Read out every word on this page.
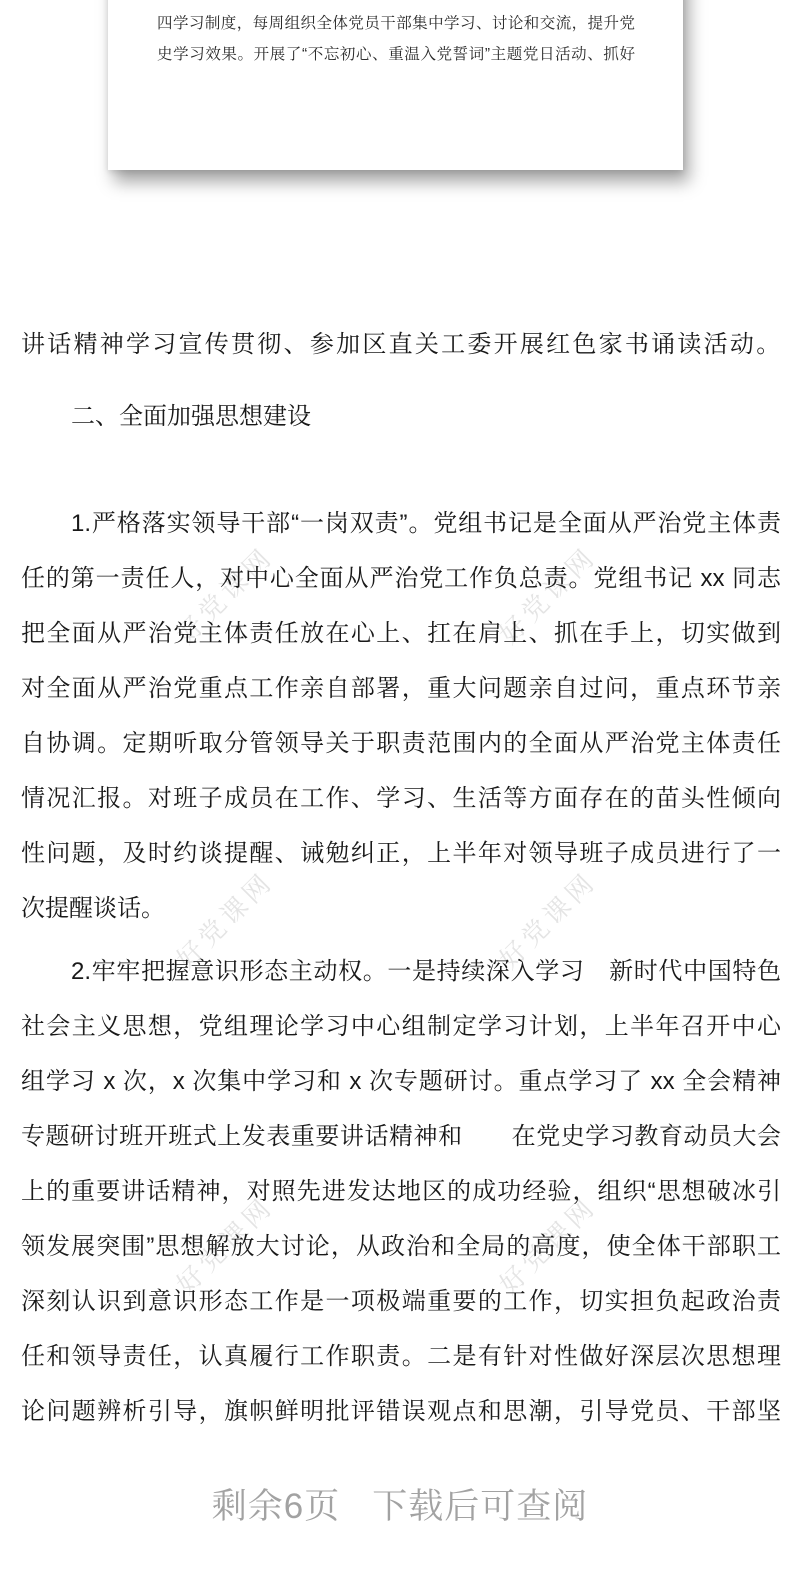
好党课网	好党课网
好党课网	好党课网
好党课网	好党课网
四学习制度，每周组织全体党员干部集中学习、讨论和交流，提升党
史学习效果。开展了“不忘初心、重温入党誓词”主题党日活动、抓好
讲话精神学习宣传贯彻、参加区直关工委开展红色家书诵读活动。
二、全面加强思想建设
1.严格落实领导干部“一岗双责”。党组书记是全面从严治党主体责
任的第一责任人，对中心全面从严治党工作负总责。党组书记 xx 同志
把全面从严治党主体责任放在心上、扛在肩上、抓在手上，切实做到
对全面从严治党重点工作亲自部署，重大问题亲自过问，重点环节亲
自协调。定期听取分管领导关于职责范围内的全面从严治党主体责任
情况汇报。对班子成员在工作、学习、生活等方面存在的苗头性倾向
性问题，及时约谈提醒、诫勉纠正，上半年对领导班子成员进行了一
次提醒谈话。
2.牢牢把握意识形态主动权。一是持续深入学习　新时代中国特色
社会主义思想，党组理论学习中心组制定学习计划，上半年召开中心
组学习 x 次，x 次集中学习和 x 次专题研讨。重点学习了 xx 全会精神
专题研讨班开班式上发表重要讲话精神和　　在党史学习教育动员大会
上的重要讲话精神，对照先进发达地区的成功经验，组织“思想破冰引
领发展突围”思想解放大讨论，从政治和全局的高度，使全体干部职工
深刻认识到意识形态工作是一项极端重要的工作，切实担负起政治责
任和领导责任，认真履行工作职责。二是有针对性做好深层次思想理
论问题辨析引导，旗帜鲜明批评错误观点和思潮，引导党员、干部坚
剩余6页 下载后可查阅
